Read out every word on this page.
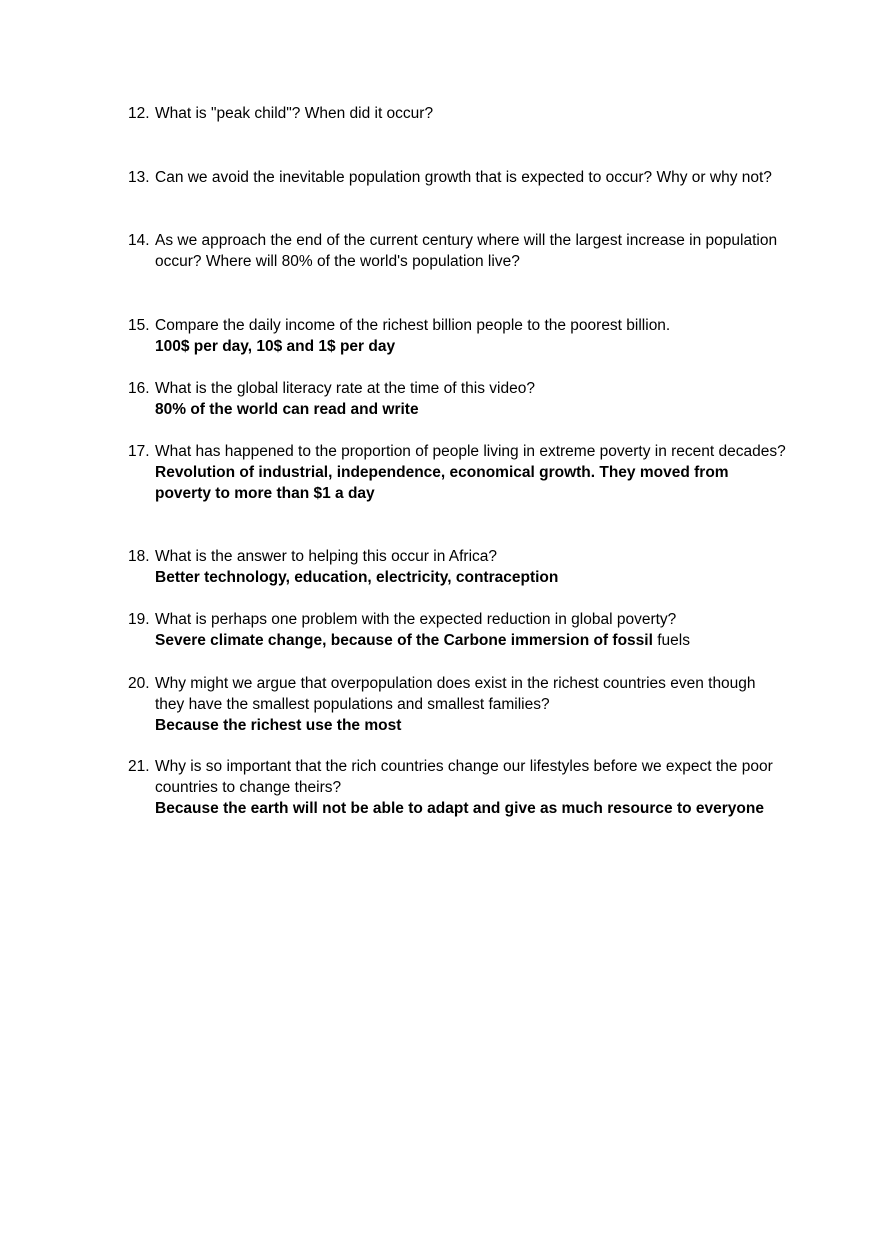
12. What is "peak child"? When did it occur?
13. Can we avoid the inevitable population growth that is expected to occur? Why or why not?
14. As we approach the end of the current century where will the largest increase in population occur? Where will 80% of the world's population live?
15. Compare the daily income of the richest billion people to the poorest billion.
100$ per day, 10$ and 1$ per day
16. What is the global literacy rate at the time of this video?
80% of the world can read and write
17. What has happened to the proportion of people living in extreme poverty in recent decades?
Revolution of industrial, independence, economical growth. They moved from poverty to more than $1 a day
18. What is the answer to helping this occur in Africa?
Better technology, education, electricity, contraception
19. What is perhaps one problem with the expected reduction in global poverty?
Severe climate change, because of the Carbone immersion of fossil fuels
20. Why might we argue that overpopulation does exist in the richest countries even though they have the smallest populations and smallest families?
Because the richest use the most
21. Why is so important that the rich countries change our lifestyles before we expect the poor countries to change theirs?
Because the earth will not be able to adapt and give as much resource to everyone
